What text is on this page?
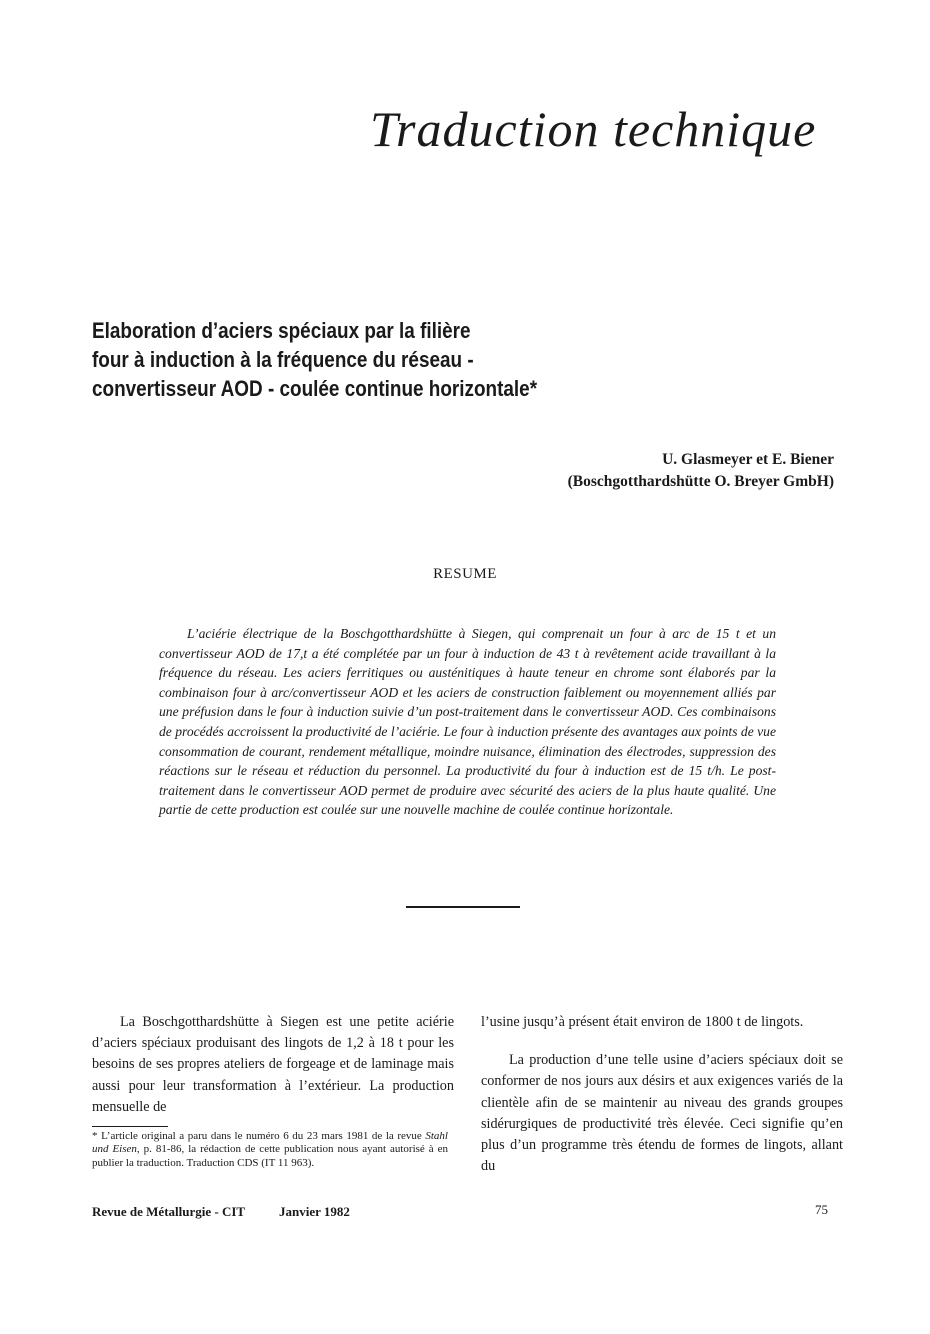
Traduction technique
Elaboration d’aciers spéciaux par la filière
four à induction à la fréquence du réseau -
convertisseur AOD - coulée continue horizontale*
U. Glasmeyer et E. Biener
(Boschgotthardshütte O. Breyer GmbH)
RESUME

L’aciérie électrique de la Boschgotthardshütte à Siegen, qui comprenait un four à arc de 15 t et un convertisseur AOD de 17,t a été complétée par un four à induction de 43 t à revêtement acide travaillant à la fréquence du réseau. Les aciers ferritiques ou austénitiques à haute teneur en chrome sont élaborés par la combinaison four à arc/convertisseur AOD et les aciers de construction faiblement ou moyennement alliés par une préfusion dans le four à induction suivie d’un post-traitement dans le convertisseur AOD. Ces combinaisons de procédés accroissent la productivité de l’aciérie. Le four à induction présente des avantages aux points de vue consommation de courant, rendement métallique, moindre nuisance, élimination des électrodes, suppression des réactions sur le réseau et réduction du personnel. La productivité du four à induction est de 15 t/h. Le post-traitement dans le convertisseur AOD permet de produire avec sécurité des aciers de la plus haute qualité. Une partie de cette production est coulée sur une nouvelle machine de coulée continue horizontale.

La Boschgotthardshütte à Siegen est une petite aciérie d’aciers spéciaux produisant des lingots de 1,2 à 18 t pour les besoins de ses propres ateliers de forgeage et de laminage mais aussi pour leur transformation à l’extérieur. La production mensuelle de

l’usine jusqu’à présent était environ de 1800 t de lingots.

La production d’une telle usine d’aciers spéciaux doit se conformer de nos jours aux désirs et aux exigences variés de la clientèle afin de se maintenir au niveau des grands groupes sidérurgiques de productivité très élevée. Ceci signifie qu’en plus d’un programme très étendu de formes de lingots, allant du

* L’article original a paru dans le numéro 6 du 23 mars 1981 de la revue Stahl und Eisen, p. 81-86, la rédaction de cette publication nous ayant autorisé à en publier la traduction. Traduction CDS (IT 11 963).
Revue de Métallurgie - CIT	Janvier 1982	75
